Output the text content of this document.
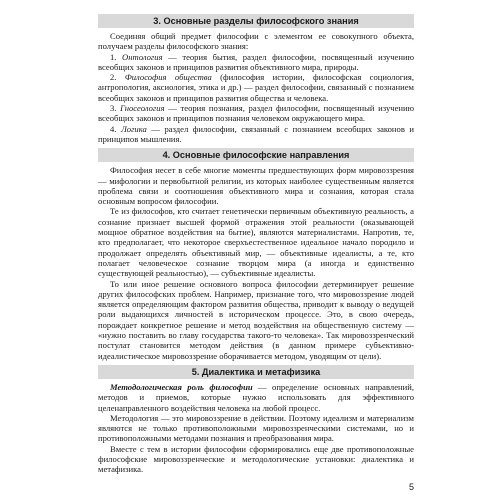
3. Основные разделы философского знания

Соединяя общий предмет философии с элементом ее совокупного объекта, получаем разделы философского знания:

1. Онтология — теория бытия, раздел философии, посвященный изучению всеобщих законов и принципов развития объективного мира, природы.

2. Философия общества (философия истории, философская социология, антропология, аксиология, этика и др.) — раздел философии, связанный с познанием всеобщих законов и принципов развития общества и человека.

3. Гносеология — теория познания, раздел философии, посвященный изучению всеобщих законов и принципов познания человеком окружающего мира.

4. Логика — раздел философии, связанный с познанием всеобщих законов и принципов мышления.

4. Основные философские направления

Философия несет в себе многие моменты предшествующих форм мировоззрения — мифологии и первобытной религии, из которых наиболее существенным является проблема связи и соотношения объективного мира и сознания, которая стала основным вопросом философии.

Те из философов, кто считает генетически первичным объективную реальность, а сознание признает высшей формой отражения этой реальности (оказывающей мощное обратное воздействия на бытие), являются материалистами. Напротив, те, кто предполагает, что некоторое сверхъестественное идеальное начало породило и продолжает определять объективный мир, — объективные идеалисты, а те, кто полагает человеческое сознание творцом мира (а иногда и единственно существующей реальностью), — субъективные идеалисты.

То или иное решение основного вопроса философии детерминирует решение других философских проблем. Например, признание того, что мировоззрение людей является определяющим фактором развития общества, приводит к выводу о ведущей роли выдающихся личностей в историческом процессе. Это, в свою очередь, порождает конкретное решение и метод воздействия на общественную систему — «нужно поставить во главу государства такого-то человека». Так мировоззренческий постулат становится методом действия (в данном примере субъективно-идеалистическое мировоззрение оборачивается методом, уводящим от цели).

5. Диалектика и метафизика

Методологическая роль философии — определение основных направлений, методов и приемов, которые нужно использовать для эффективного целенаправленного воздействия человека на любой процесс.

Методология — это мировоззрение в действии. Поэтому идеализм и материализм являются не только противоположными мировоззренческими системами, но и противоположными методами познания и преобразования мира.

Вместе с тем в истории философии сформировались еще две противоположные философские мировоззренческие и методологические установки: диалектика и метафизика.

5
